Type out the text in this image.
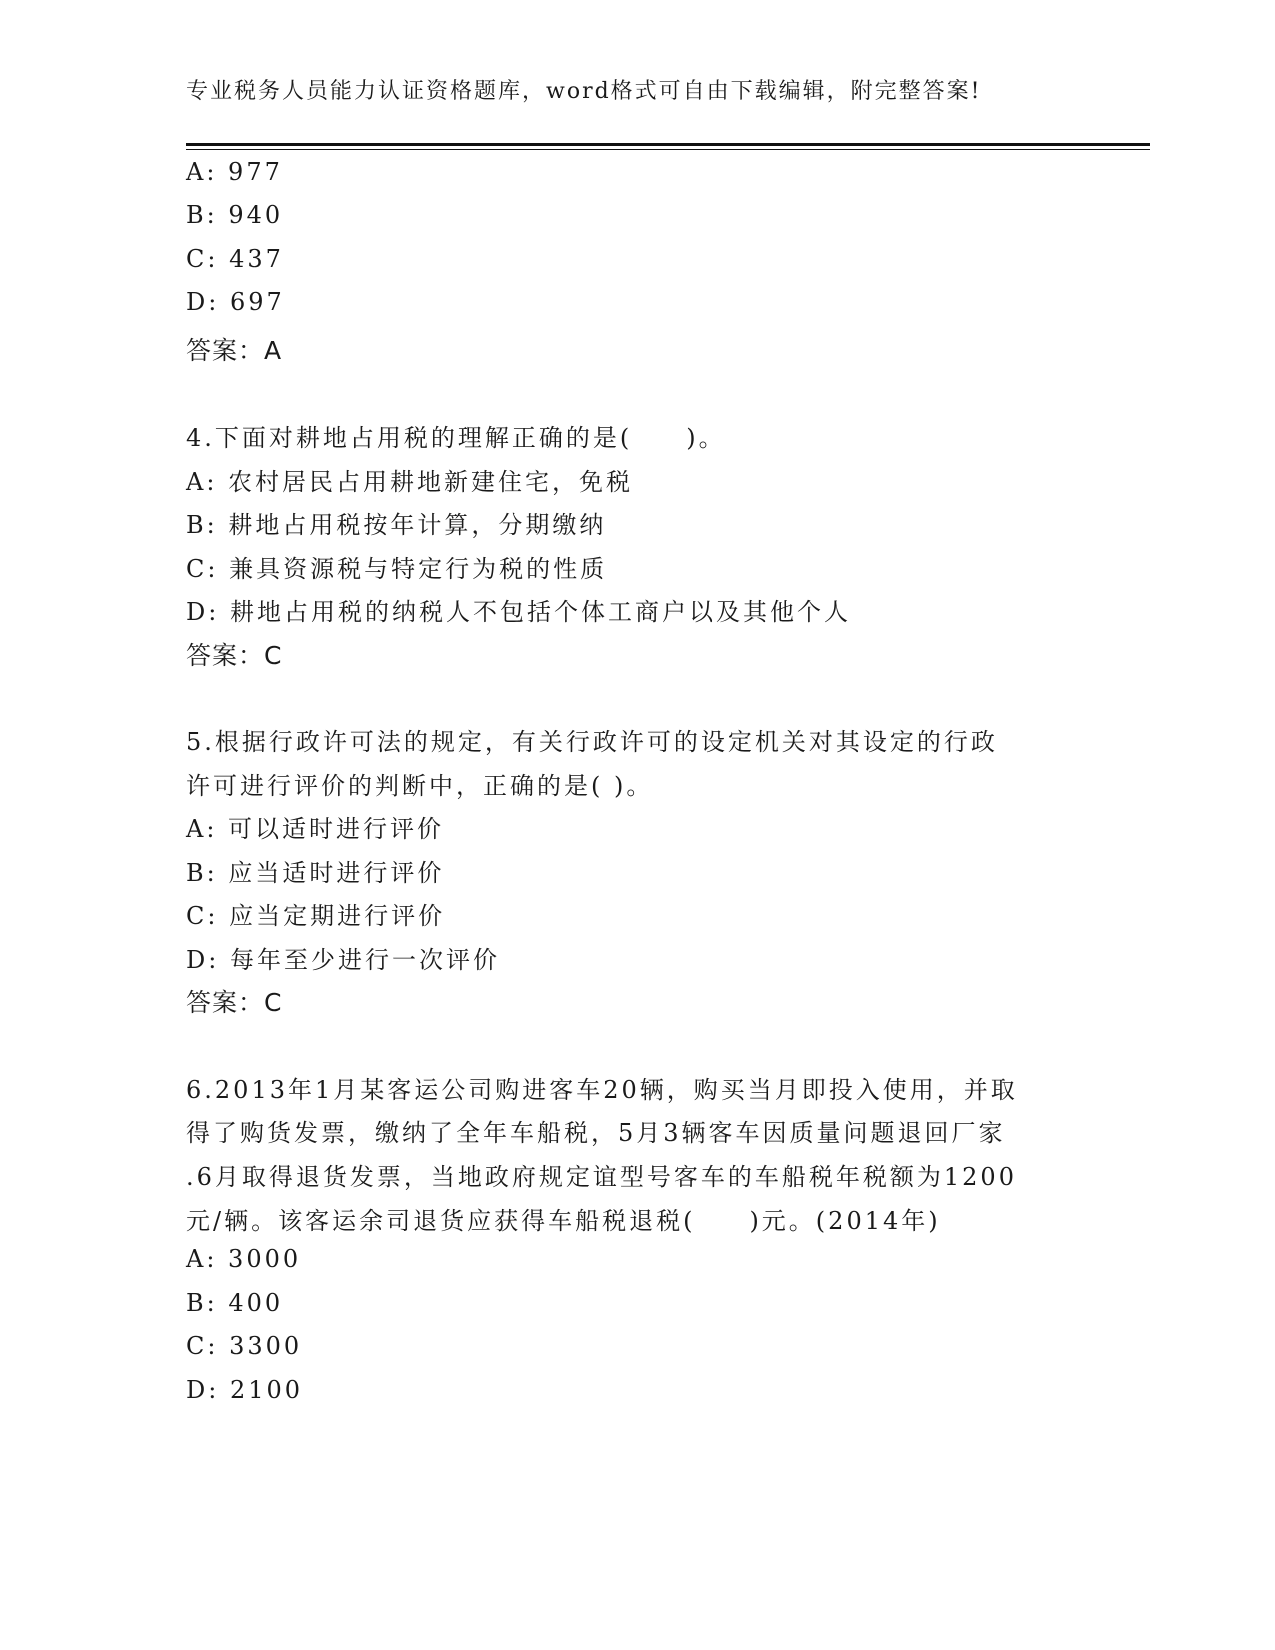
专业税务人员能力认证资格题库，word格式可自由下载编辑，附完整答案!
A: 977
B: 940
C: 437
D: 697
答案：A
4.下面对耕地占用税的理解正确的是(　　)。
A: 农村居民占用耕地新建住宅，免税
B: 耕地占用税按年计算，分期缴纳
C: 兼具资源税与特定行为税的性质
D: 耕地占用税的纳税人不包括个体工商户以及其他个人
答案：C
5.根据行政许可法的规定，有关行政许可的设定机关对其设定的行政
许可进行评价的判断中，正确的是( )。
A: 可以适时进行评价
B: 应当适时进行评价
C: 应当定期进行评价
D: 每年至少进行一次评价
答案：C
6.2013年1月某客运公司购进客车20辆，购买当月即投入使用，并取
得了购货发票，缴纳了全年车船税，5月3辆客车因质量问题退回厂家
.6月取得退货发票，当地政府规定谊型号客车的车船税年税额为1200
元/辆。该客运余司退货应获得车船税退税(　　)元。(2014年)
A: 3000
B: 400
C: 3300
D: 2100
